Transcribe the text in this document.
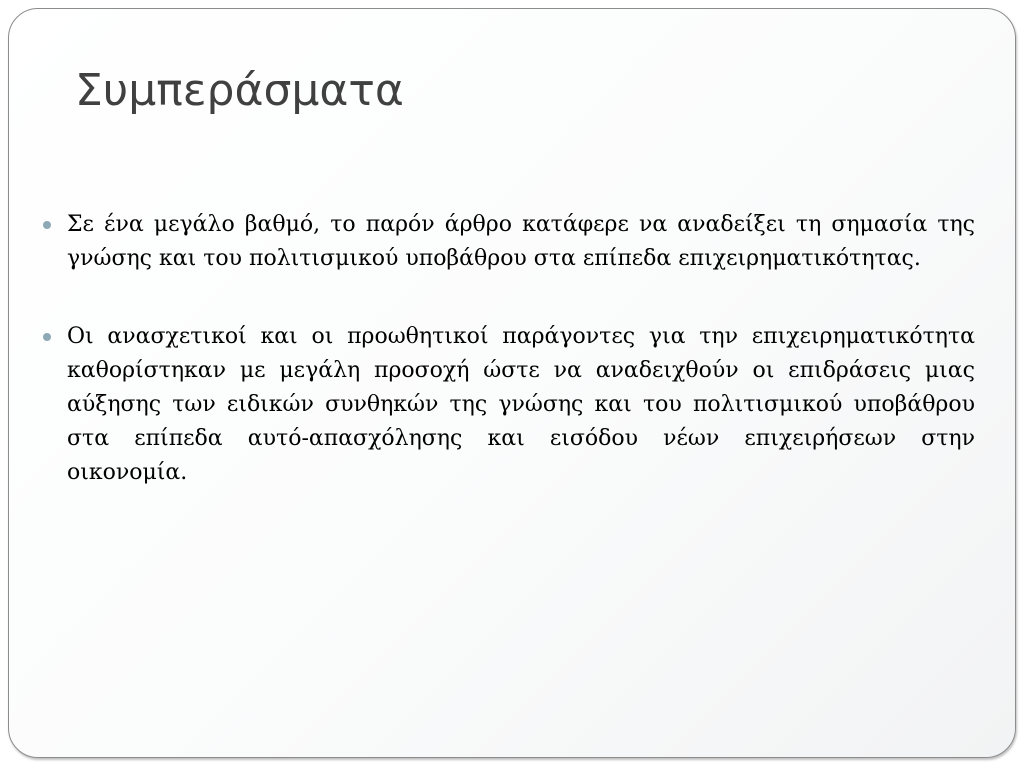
Συμπεράσματα
Σε ένα μεγάλο βαθμό, το παρόν άρθρο κατάφερε να αναδείξει τη σημασία της γνώσης και του πολιτισμικού υποβάθρου στα επίπεδα επιχειρηματικότητας.
Οι ανασχετικοί και οι προωθητικοί παράγοντες για την επιχειρηματικότητα καθορίστηκαν με μεγάλη προσοχή ώστε να αναδειχθούν οι επιδράσεις μιας αύξησης των ειδικών συνθηκών της γνώσης και του πολιτισμικού υποβάθρου στα επίπεδα αυτό-απασχόλησης και εισόδου νέων επιχειρήσεων στην οικονομία.
